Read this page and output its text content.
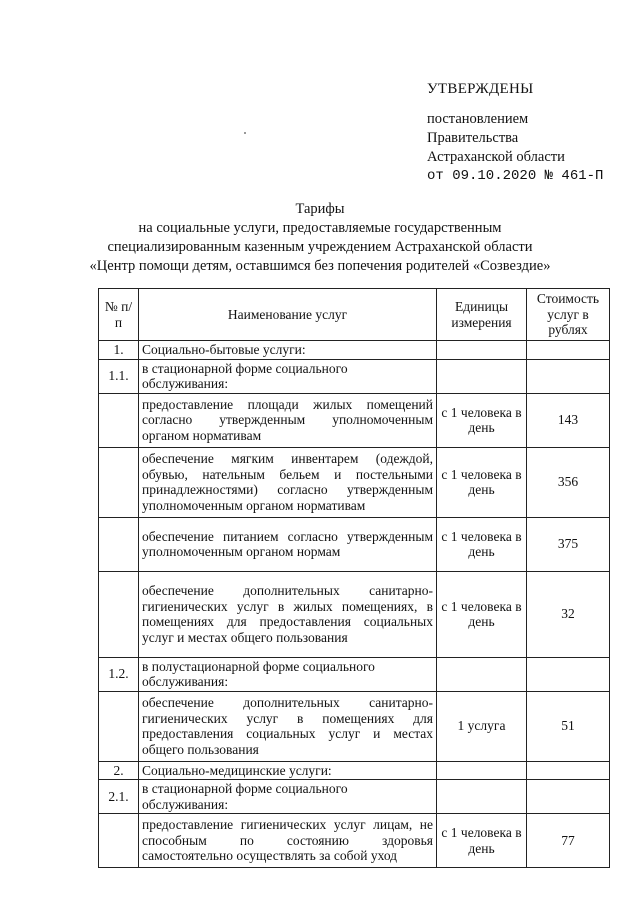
УТВЕРЖДЕНЫ
постановлением
Правительства
Астраханской области
от 09.10.2020 № 461-П
Тарифы
на социальные услуги, предоставляемые государственным
специализированным казенным учреждением Астраханской области
«Центр помощи детям, оставшимся без попечения родителей «Созвездие»
№ п/п	Наименование услуг	Единицы измерения	Стоимость услуг в рублях
1.	Социально-бытовые услуги:		
1.1.	в стационарной форме социального обслуживания:		
	предоставление площади жилых помещений согласно утвержденным уполномоченным органом нормативам	с 1 человека в день	143
	обеспечение мягким инвентарем (одеждой, обувью, нательным бельем и постельными принадлежностями) согласно утвержденным уполномоченным органом нормативам	с 1 человека в день	356
	обеспечение питанием согласно утвержденным уполномоченным органом нормам	с 1 человека в день	375
	обеспечение дополнительных санитарно-гигиенических услуг в жилых помещениях, в помещениях для предоставления социальных услуг и местах общего пользования	с 1 человека в день	32
1.2.	в полустационарной форме социального обслуживания:		
	обеспечение дополнительных санитарно-гигиенических услуг в помещениях для предоставления социальных услуг и местах общего пользования	1 услуга	51
2.	Социально-медицинские услуги:		
2.1.	в стационарной форме социального обслуживания:		
	предоставление гигиенических услуг лицам, не способным по состоянию здоровья самостоятельно осуществлять за собой уход	с 1 человека в день	77
